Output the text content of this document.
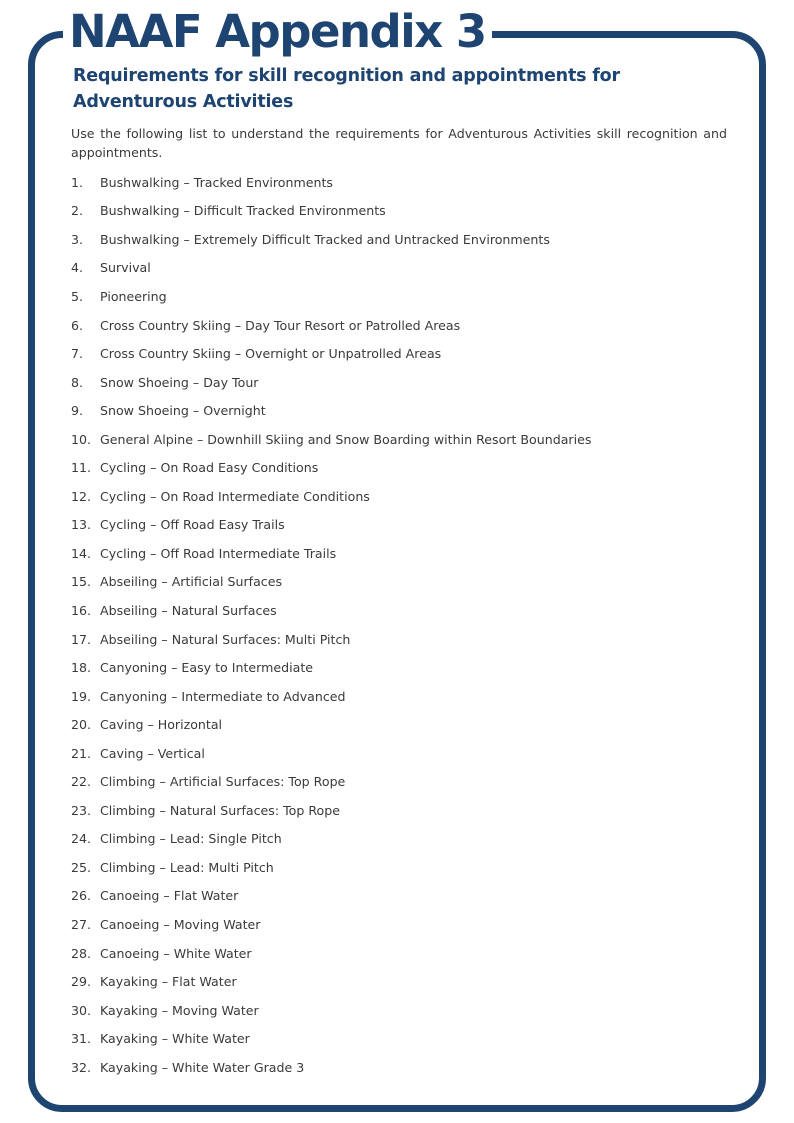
NAAF Appendix 3
Requirements for skill recognition and appointments for Adventurous Activities

Use the following list to understand the requirements for Adventurous Activities skill recognition and appointments.

1.	Bushwalking – Tracked Environments
2.	Bushwalking – Difficult Tracked Environments
3.	Bushwalking – Extremely Difficult Tracked and Untracked Environments
4.	Survival
5.	Pioneering
6.	Cross Country Skiing – Day Tour Resort or Patrolled Areas
7.	Cross Country Skiing – Overnight or Unpatrolled Areas
8.	Snow Shoeing – Day Tour
9.	Snow Shoeing – Overnight
10. General Alpine – Downhill Skiing and Snow Boarding within Resort Boundaries
11. Cycling – On Road Easy Conditions
12. Cycling – On Road Intermediate Conditions
13. Cycling – Off Road Easy Trails
14. Cycling – Off Road Intermediate Trails
15. Abseiling – Artificial Surfaces
16. Abseiling – Natural Surfaces
17. Abseiling – Natural Surfaces: Multi Pitch
18. Canyoning – Easy to Intermediate
19. Canyoning – Intermediate to Advanced
20. Caving – Horizontal
21. Caving – Vertical
22. Climbing – Artificial Surfaces: Top Rope
23. Climbing – Natural Surfaces: Top Rope
24. Climbing – Lead: Single Pitch
25. Climbing – Lead: Multi Pitch
26. Canoeing – Flat Water
27. Canoeing – Moving Water
28. Canoeing – White Water
29. Kayaking – Flat Water
30. Kayaking – Moving Water
31. Kayaking – White Water
32. Kayaking – White Water Grade 3
